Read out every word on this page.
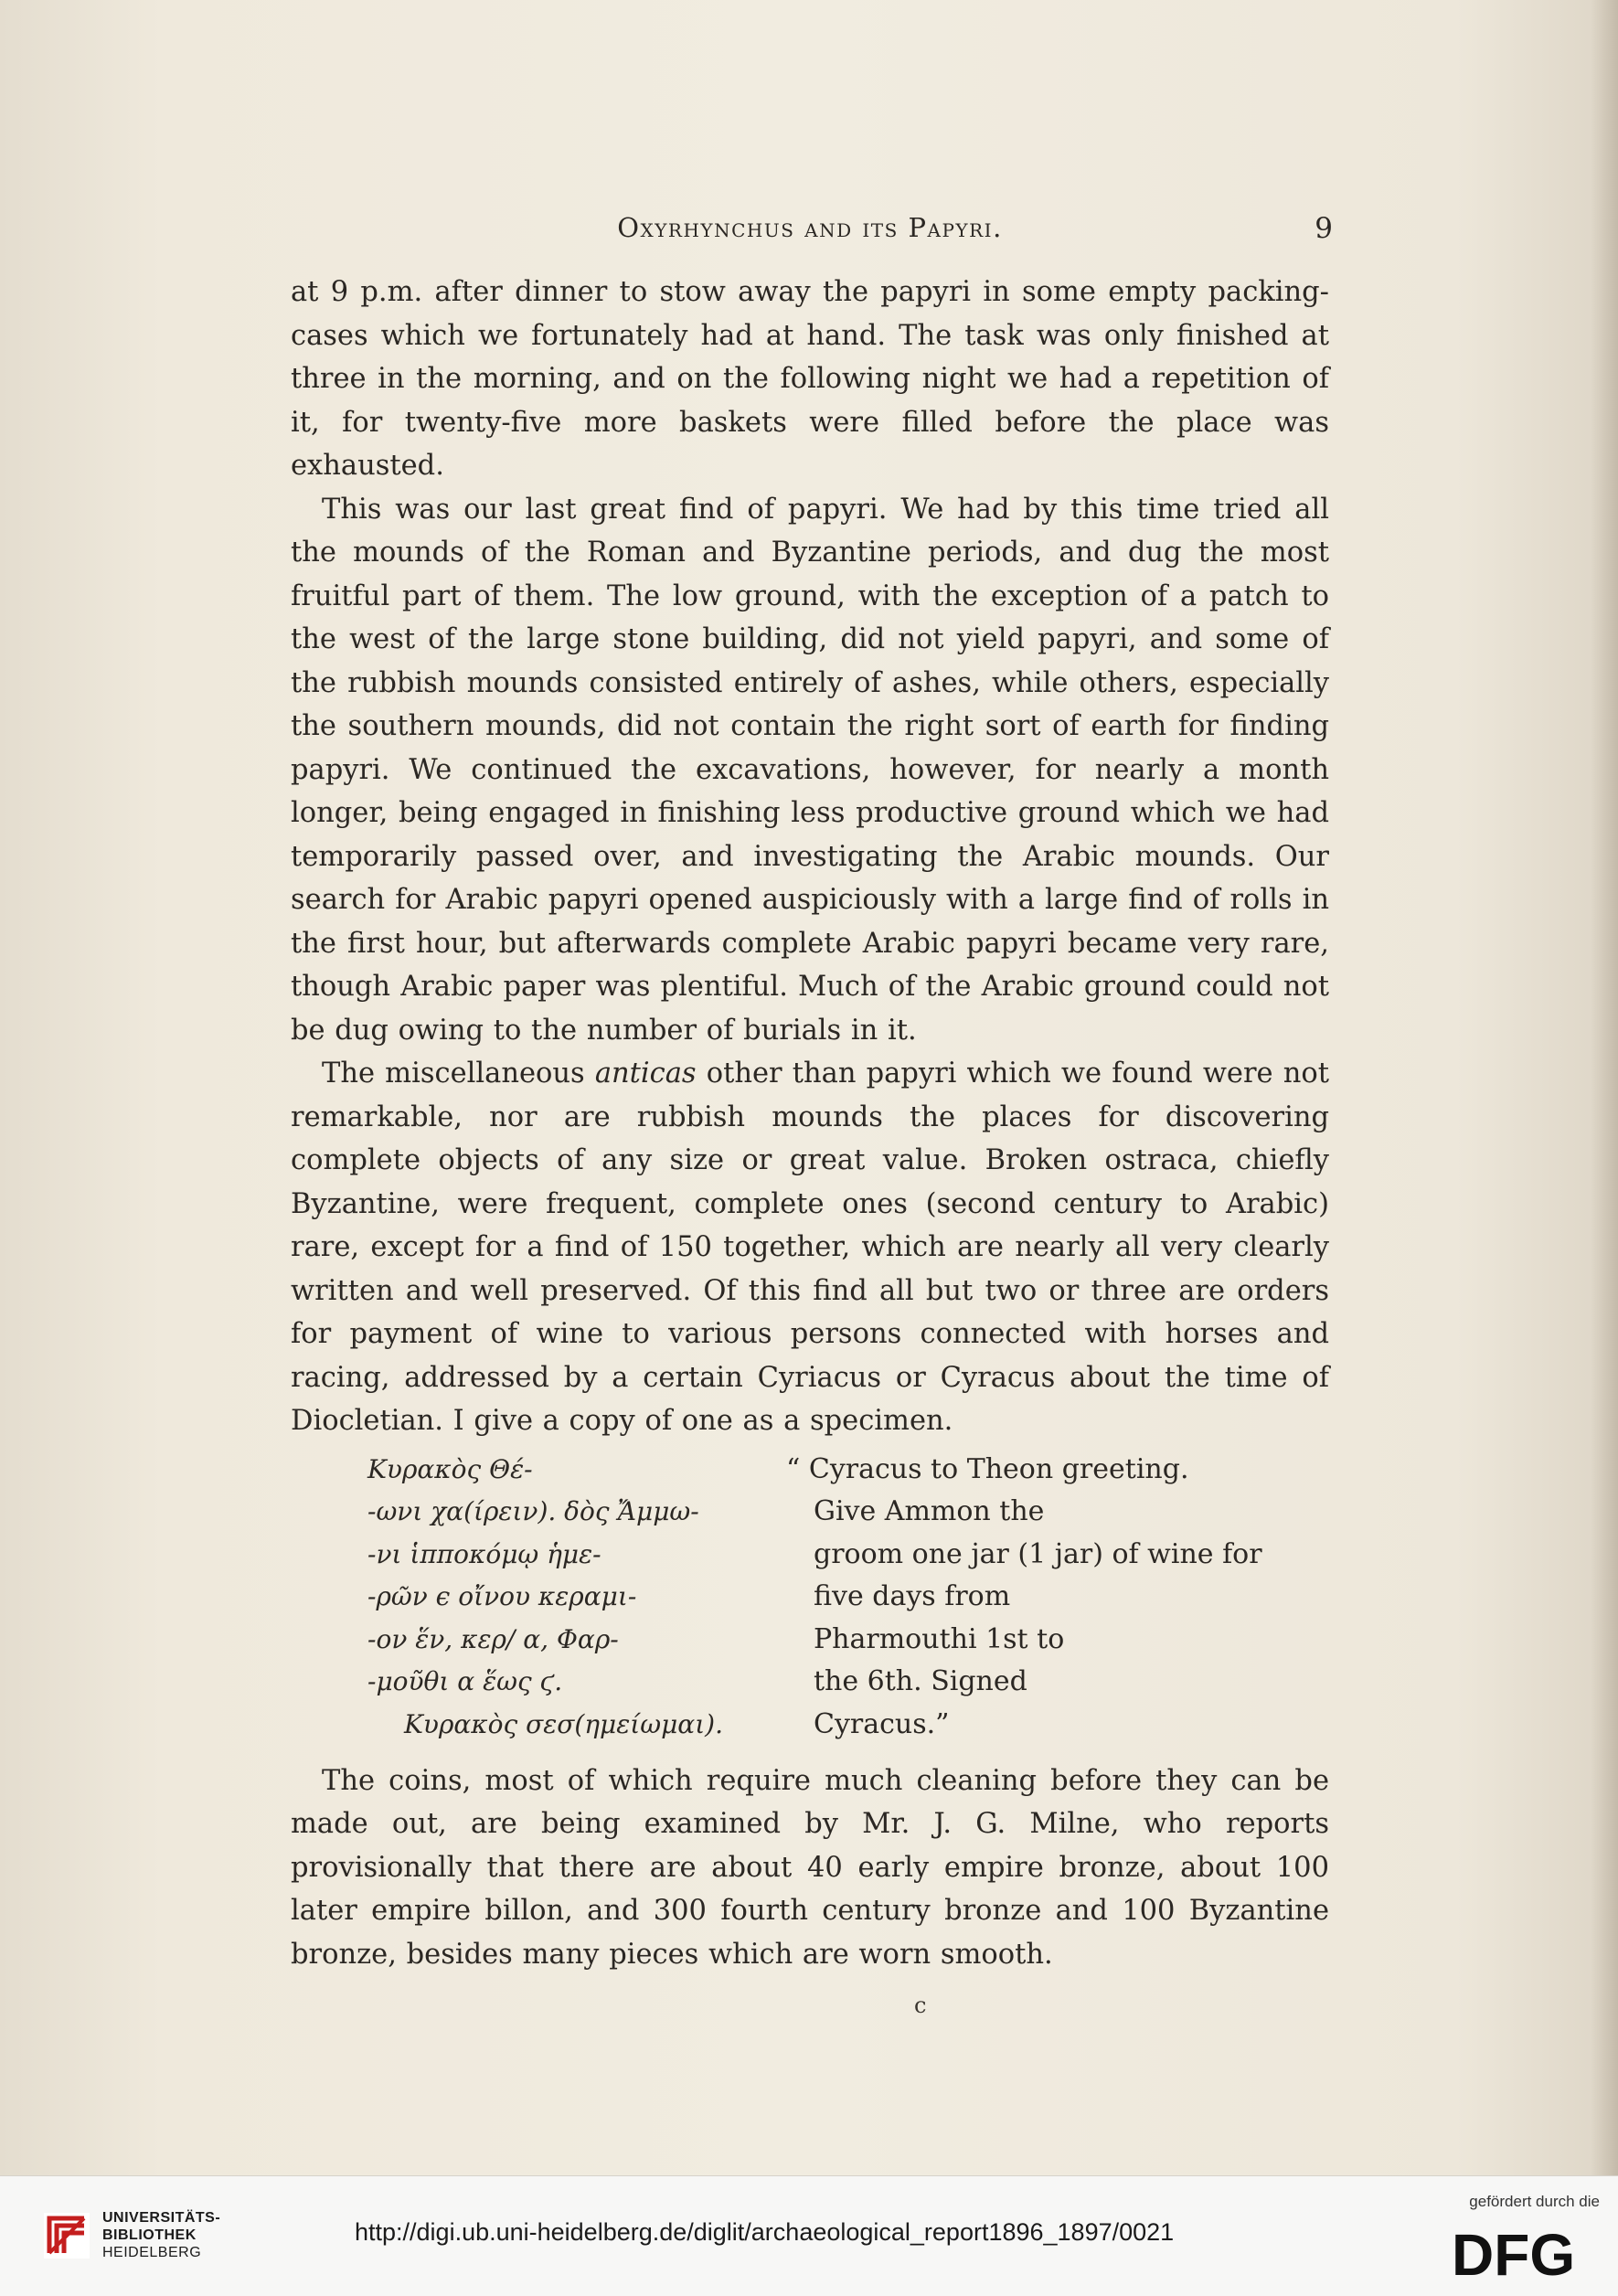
Oxyrhynchus and its Papyri.	9

at 9 p.m. after dinner to stow away the papyri in some empty packing-cases which we fortunately had at hand. The task was only finished at three in the morning, and on the following night we had a repetition of it, for twenty-five more baskets were filled before the place was exhausted.

This was our last great find of papyri. We had by this time tried all the mounds of the Roman and Byzantine periods, and dug the most fruitful part of them. The low ground, with the exception of a patch to the west of the large stone building, did not yield papyri, and some of the rubbish mounds consisted entirely of ashes, while others, especially the southern mounds, did not contain the right sort of earth for finding papyri. We continued the excavations, however, for nearly a month longer, being engaged in finishing less productive ground which we had temporarily passed over, and investigating the Arabic mounds. Our search for Arabic papyri opened auspiciously with a large find of rolls in the first hour, but afterwards complete Arabic papyri became very rare, though Arabic paper was plentiful. Much of the Arabic ground could not be dug owing to the number of burials in it.

The miscellaneous anticas other than papyri which we found were not remarkable, nor are rubbish mounds the places for discovering complete objects of any size or great value. Broken ostraca, chiefly Byzantine, were frequent, complete ones (second century to Arabic) rare, except for a find of 150 together, which are nearly all very clearly written and well preserved. Of this find all but two or three are orders for payment of wine to various persons connected with horses and racing, addressed by a certain Cyriacus or Cyracus about the time of Diocletian. I give a copy of one as a specimen.

Κυρακὸς Θέ-
-ωνι χα(ίρειν). δὸς Ἄμμω-
-νι ἱπποκόμῳ ἡμε-
-ρῶν ϵ οἴνου κεραμι-
-ον ἕν, κερ/ α, Φαρ-
-μοῦθι α ἕως ϛ.
Κυρακὸς σεσ(ημείωμαι).
“ Cyracus to Theon greeting.
Give Ammon the
groom one jar (1 jar) of wine for
five days from
Pharmouthi 1st to
the 6th. Signed
Cyracus.”

The coins, most of which require much cleaning before they can be made out, are being examined by Mr. J. G. Milne, who reports provisionally that there are about 40 early empire bronze, about 100 later empire billon, and 300 fourth century bronze and 100 Byzantine bronze, besides many pieces which are worn smooth.

c
UNIVERSITÄTS-
BIBLIOTHEK
HEIDELBERG
http://digi.ub.uni-heidelberg.de/diglit/archaeological_report1896_1897/0021
gefördert durch die
DFG
